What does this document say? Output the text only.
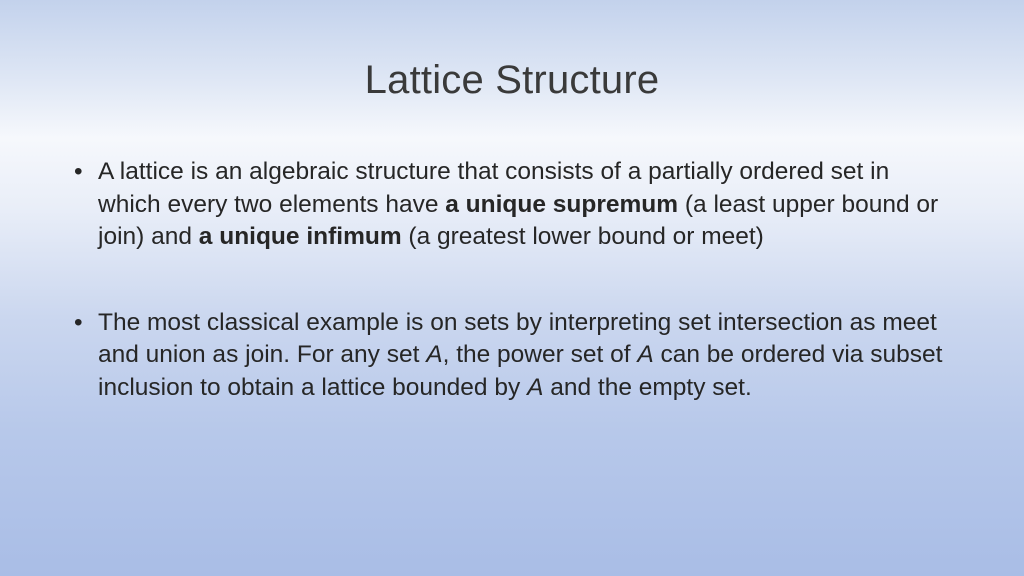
Lattice Structure

• A lattice is an algebraic structure that consists of a partially ordered set in which every two elements have a unique supremum (a least upper bound or join) and a unique infimum (a greatest lower bound or meet)

• The most classical example is on sets by interpreting set intersection as meet and union as join. For any set A, the power set of A can be ordered via subset inclusion to obtain a lattice bounded by A and the empty set.
